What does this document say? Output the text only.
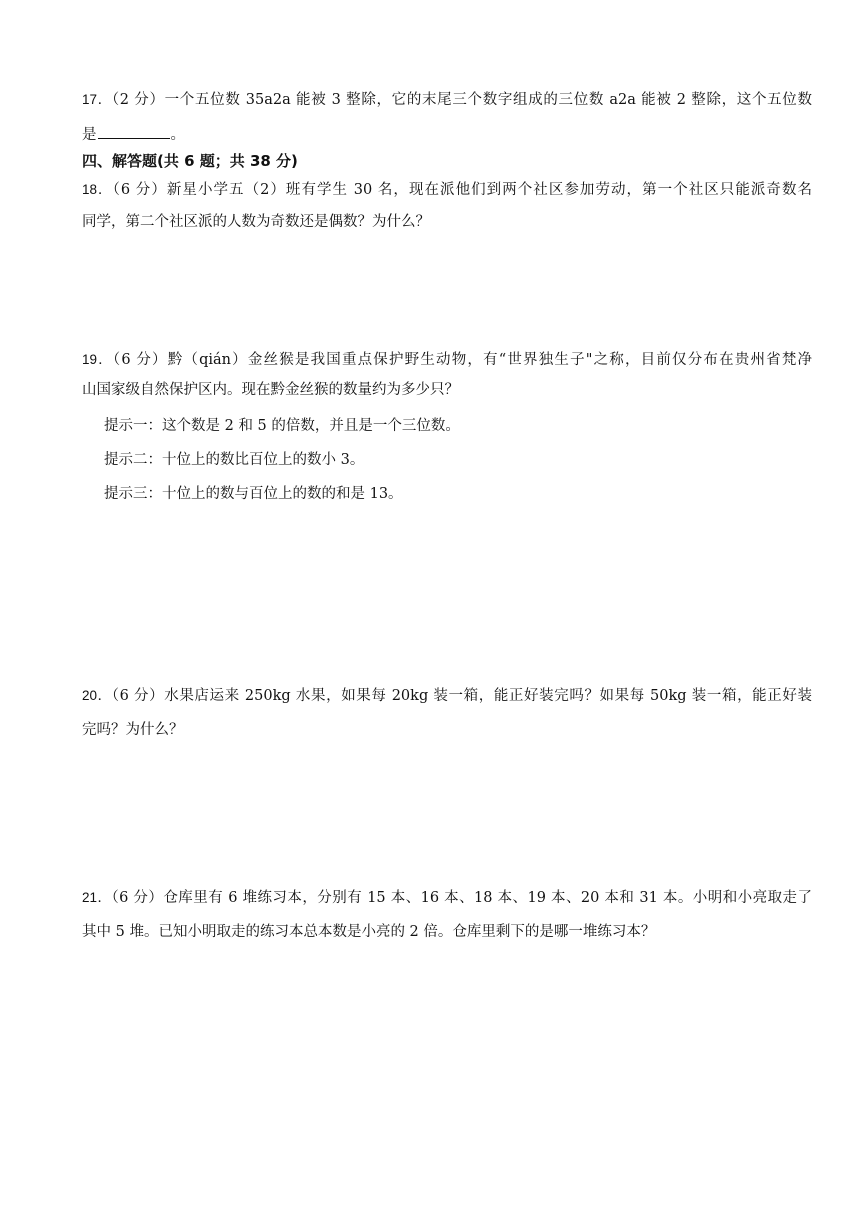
17．（2 分）一个五位数 35a2a 能被 3 整除，它的末尾三个数字组成的三位数 a2a 能被 2 整除，这个五位数
是	。
四、解答题(共 6 题；共 38 分)
18．（6 分）新星小学五（2）班有学生 30 名，现在派他们到两个社区参加劳动，第一个社区只能派奇数名
同学，第二个社区派的人数为奇数还是偶数？为什么？
19．（6 分）黔（qián）金丝猴是我国重点保护野生动物，有“世界独生子"之称，目前仅分布在贵州省梵净
山国家级自然保护区内。现在黔金丝猴的数量约为多少只？
提示一：这个数是 2 和 5 的倍数，并且是一个三位数。
提示二：十位上的数比百位上的数小 3。
提示三：十位上的数与百位上的数的和是 13。
20．（6 分）水果店运来 250kg 水果，如果每 20kg 装一箱，能正好装完吗？如果每 50kg 装一箱，能正好装
完吗？为什么？
21．（6 分）仓库里有 6 堆练习本，分别有 15 本、16 本、18 本、19 本、20 本和 31 本。小明和小亮取走了
其中 5 堆。已知小明取走的练习本总本数是小亮的 2 倍。仓库里剩下的是哪一堆练习本？
